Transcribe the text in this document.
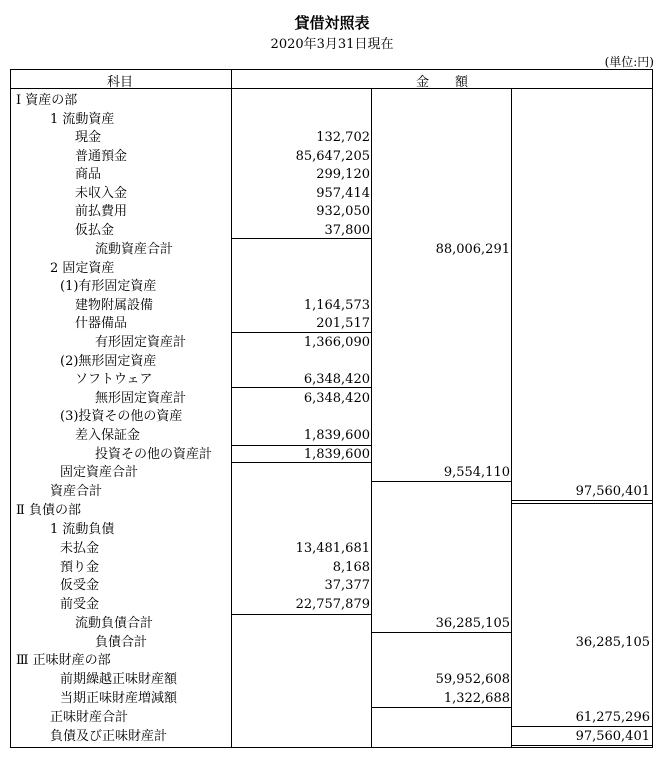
貸借対照表
2020年3月31日現在
(単位:円)
科目	金　　額
Ⅰ 資産の部
1 流動資産
現金	132,702
普通預金	85,647,205
商品	299,120
未収入金	957,414
前払費用	932,050
仮払金	37,800
流動資産合計	88,006,291
2 固定資産
(1)有形固定資産
建物附属設備	1,164,573
什器備品	201,517
有形固定資産計	1,366,090
(2)無形固定資産
ソフトウェア	6,348,420
無形固定資産計	6,348,420
(3)投資その他の資産
差入保証金	1,839,600
投資その他の資産計	1,839,600
固定資産合計	9,554,110
資産合計	97,560,401
Ⅱ 負債の部
1 流動負債
未払金	13,481,681
預り金	8,168
仮受金	37,377
前受金	22,757,879
流動負債合計	36,285,105
負債合計	36,285,105
Ⅲ 正味財産の部
前期繰越正味財産額	59,952,608
当期正味財産増減額	1,322,688
正味財産合計	61,275,296
負債及び正味財産計	97,560,401
